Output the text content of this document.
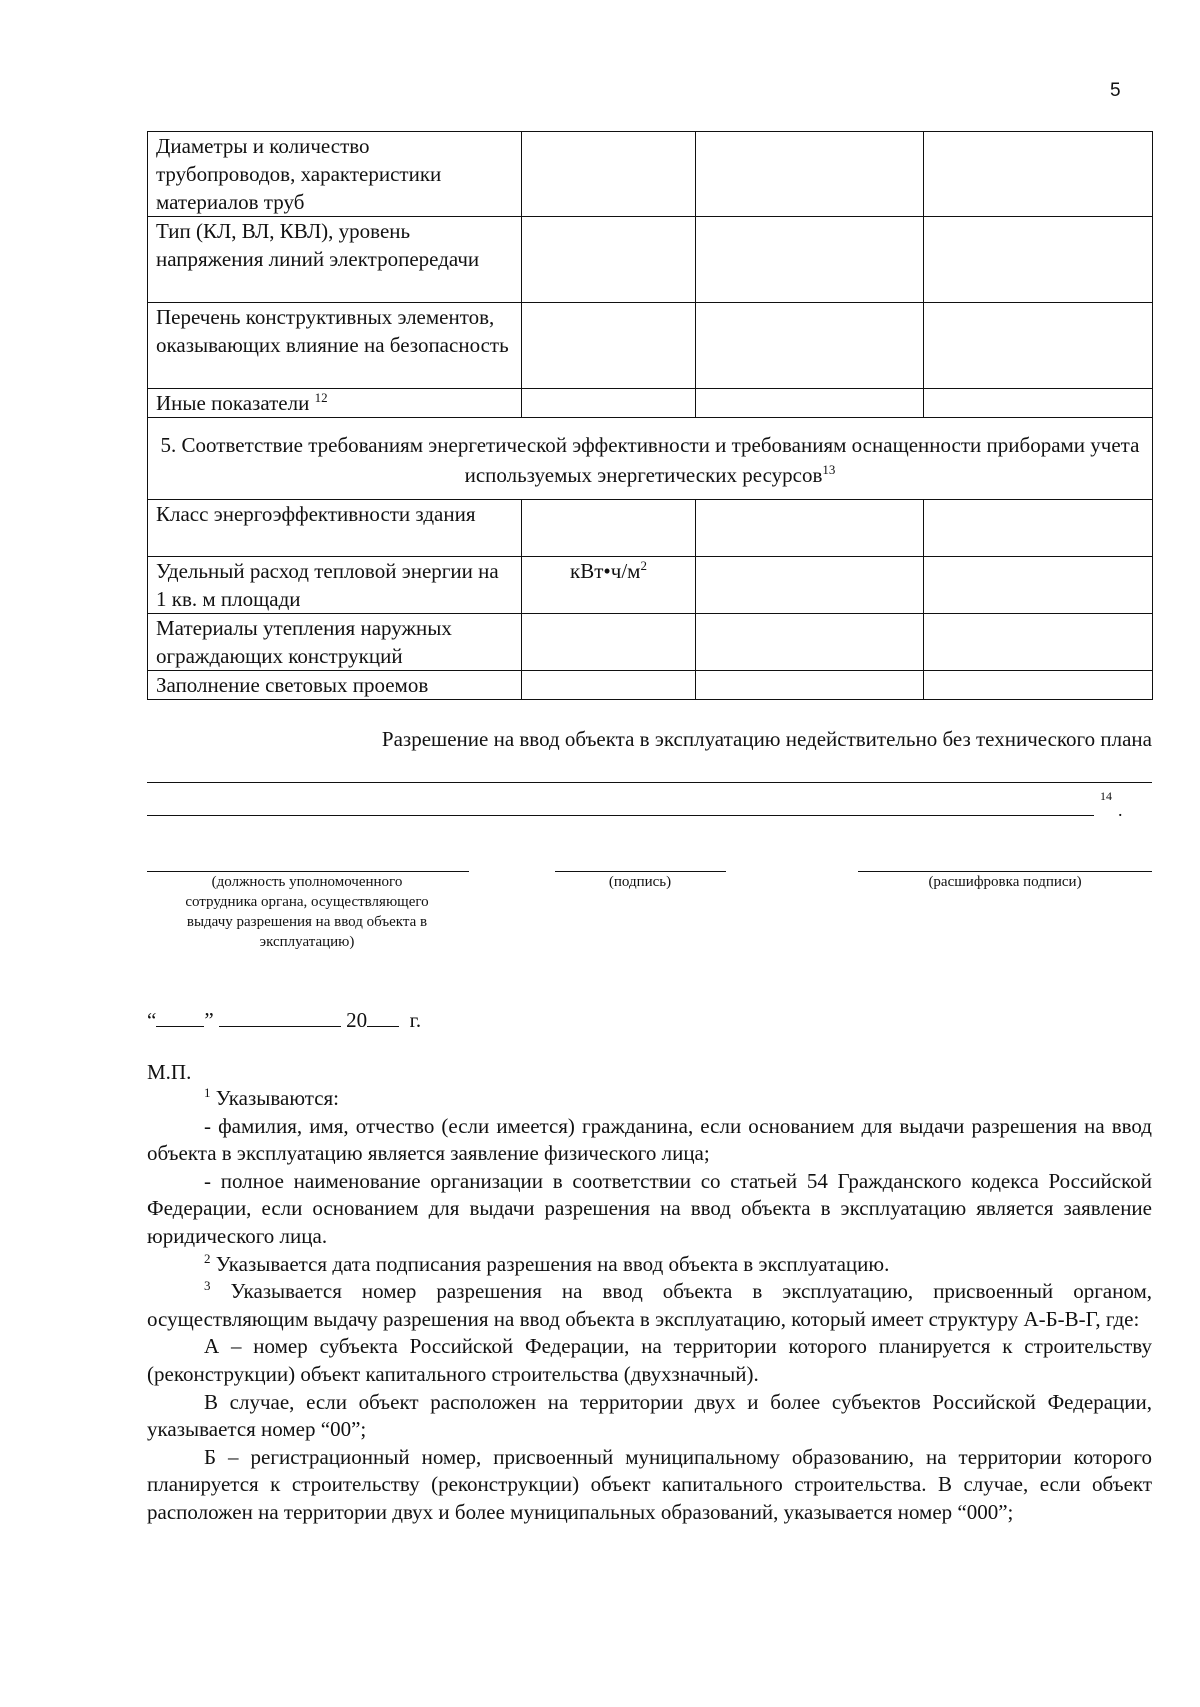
5
Диаметры и количество трубопроводов, характеристики материалов труб			
Тип (КЛ, ВЛ, КВЛ), уровень напряжения линий электропередачи			
Перечень конструктивных элементов, оказывающих влияние на безопасность			
Иные показатели $^{12}$			
5. Соответствие требованиям энергетической эффективности и требованиям оснащенности приборами учета используемых энергетических ресурсов$^{13}$
Класс энергоэффективности здания			
Удельный расход тепловой энергии на 1 кв. м площади	$кВт•ч/м^2$		
Материалы утепления наружных ограждающих конструкций			
Заполнение световых проемов			
Разрешение на ввод объекта в эксплуатацию недействительно без технического плана
14
.
(должность уполномоченного сотрудника органа, осуществляющего выдачу разрешения на ввод объекта в эксплуатацию)
(подпись)	(расшифровка подписи)
“ ”	20 г.
М.П.

$^1$ Указываются:

- фамилия, имя, отчество (если имеется) гражданина, если основанием для выдачи разрешения на ввод объекта в эксплуатацию является заявление физического лица;

- полное наименование организации в соответствии со статьей 54 Гражданского кодекса Российской Федерации, если основанием для выдачи разрешения на ввод объекта в эксплуатацию является заявление юридического лица.

$^2$ Указывается дата подписания разрешения на ввод объекта в эксплуатацию.

$^3$ Указывается номер разрешения на ввод объекта в эксплуатацию, присвоенный органом, осуществляющим выдачу разрешения на ввод объекта в эксплуатацию, который имеет структуру А-Б-В-Г, где:

А – номер субъекта Российской Федерации, на территории которого планируется к строительству (реконструкции) объект капитального строительства (двухзначный).

В случае, если объект расположен на территории двух и более субъектов Российской Федерации, указывается номер “00”;

Б – регистрационный номер, присвоенный муниципальному образованию, на территории которого планируется к строительству (реконструкции) объект капитального строительства. В случае, если объект расположен на территории двух и более муниципальных образований, указывается номер “000”;
